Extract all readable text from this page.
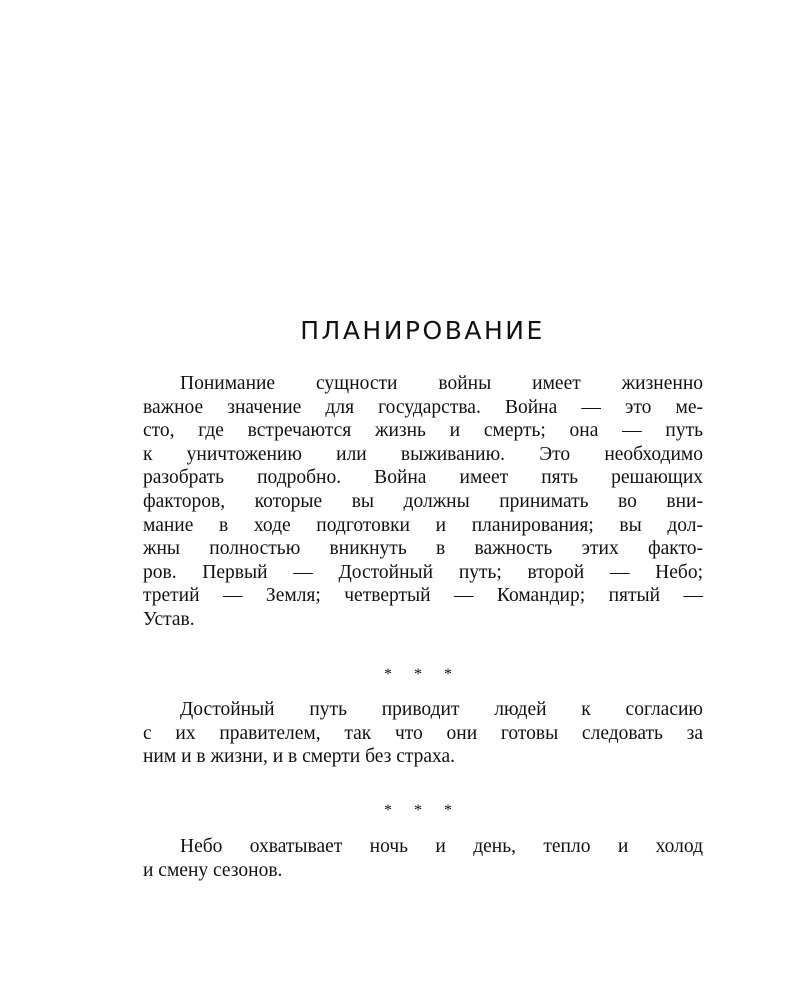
ПЛАНИРОВАНИЕ
Понимание сущности войны имеет жизненно
важное значение для государства. Война — это ме-
сто, где встречаются жизнь и смерть; она — путь
к уничтожению или выживанию. Это необходимо
разобрать подробно. Война имеет пять решающих
факторов, которые вы должны принимать во вни-
мание в ходе подготовки и планирования; вы дол-
жны полностью вникнуть в важность этих факто-
ров. Первый — Достойный путь; второй — Небо;
третий — Земля; четвертый — Командир; пятый —
Устав.
* * *
Достойный путь приводит людей к согласию
с их правителем, так что они готовы следовать за
ним и в жизни, и в смерти без страха.
* * *
Небо охватывает ночь и день, тепло и холод
и смену сезонов.
